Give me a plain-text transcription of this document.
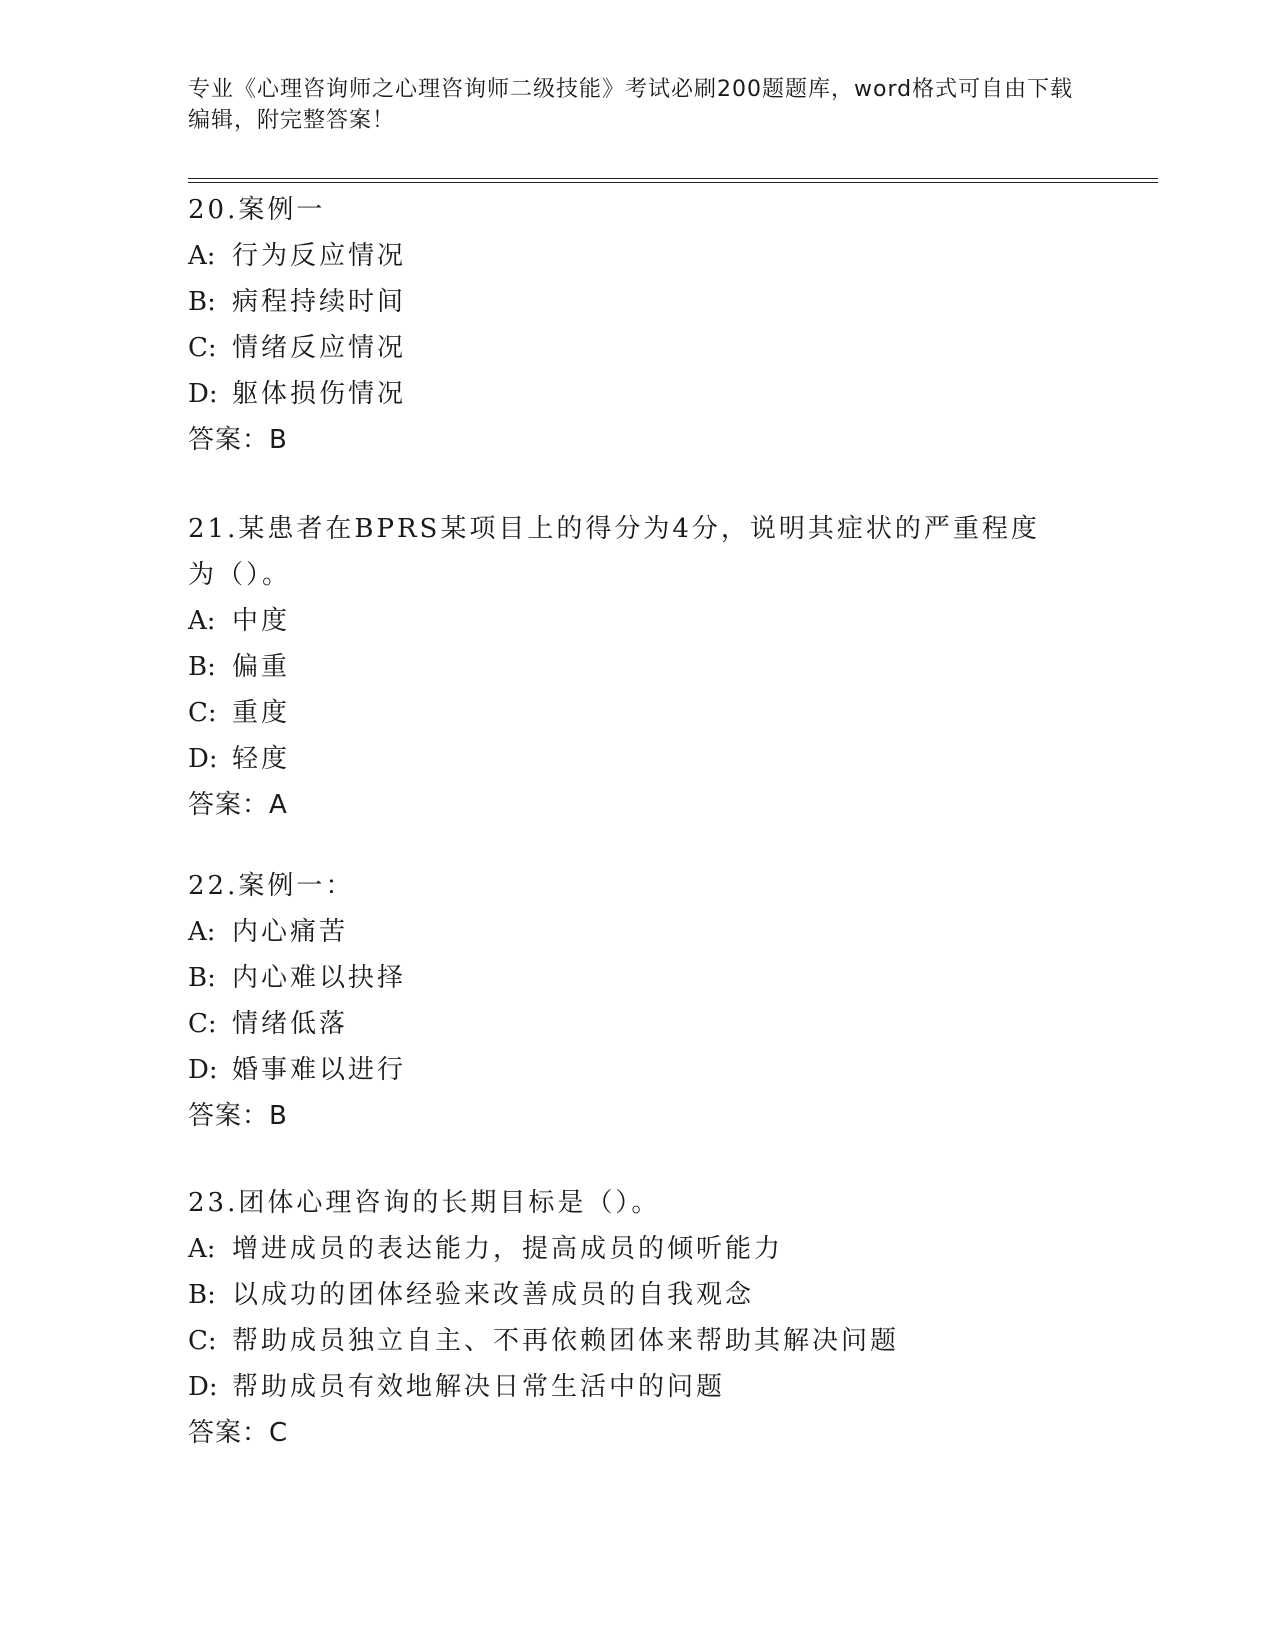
专业《心理咨询师之心理咨询师二级技能》考试必刷200题题库，word格式可自由下载编辑，附完整答案！
20.案例一
A: 行为反应情况
B: 病程持续时间
C: 情绪反应情况
D: 躯体损伤情况
答案：B
21.某患者在BPRS某项目上的得分为4分，说明其症状的严重程度为（）。
A: 中度
B: 偏重
C: 重度
D: 轻度
答案：A
22.案例一：
A: 内心痛苦
B: 内心难以抉择
C: 情绪低落
D: 婚事难以进行
答案：B
23.团体心理咨询的长期目标是（）。
A: 增进成员的表达能力，提高成员的倾听能力
B: 以成功的团体经验来改善成员的自我观念
C: 帮助成员独立自主、不再依赖团体来帮助其解决问题
D: 帮助成员有效地解决日常生活中的问题
答案：C
